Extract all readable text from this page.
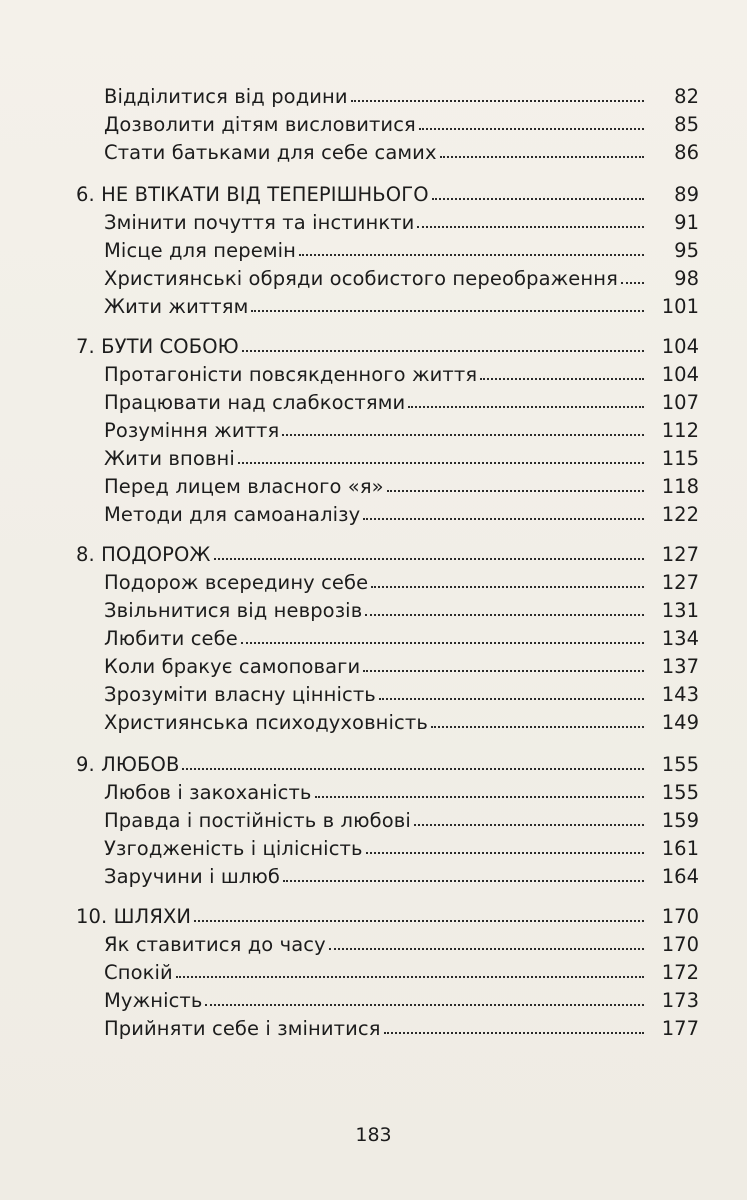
Відділитися від родини	82
Дозволити дітям висловитися	85
Стати батьками для себе самих	86
6. НЕ ВТІКАТИ ВІД ТЕПЕРІШНЬОГО	89
Змінити почуття та інстинкти	91
Місце для перемін	95
Християнські обряди особистого переображення	98
Жити життям	101
7. БУТИ СОБОЮ	104
Протагоністи повсякденного життя	104
Працювати над слабкостями	107
Розуміння життя	112
Жити вповні	115
Перед лицем власного «я»	118
Методи для самоаналізу	122
8. ПОДОРОЖ	127
Подорож всередину себе	127
Звільнитися від неврозів	131
Любити себе	134
Коли бракує самоповаги	137
Зрозуміти власну цінність	143
Християнська психодуховність	149
9. ЛЮБОВ	155
Любов і закоханість	155
Правда і постійність в любові	159
Узгодженість і цілісність	161
Заручини і шлюб	164
10. ШЛЯХИ	170
Як ставитися до часу	170
Спокій	172
Мужність	173
Прийняти себе і змінитися	177
183
